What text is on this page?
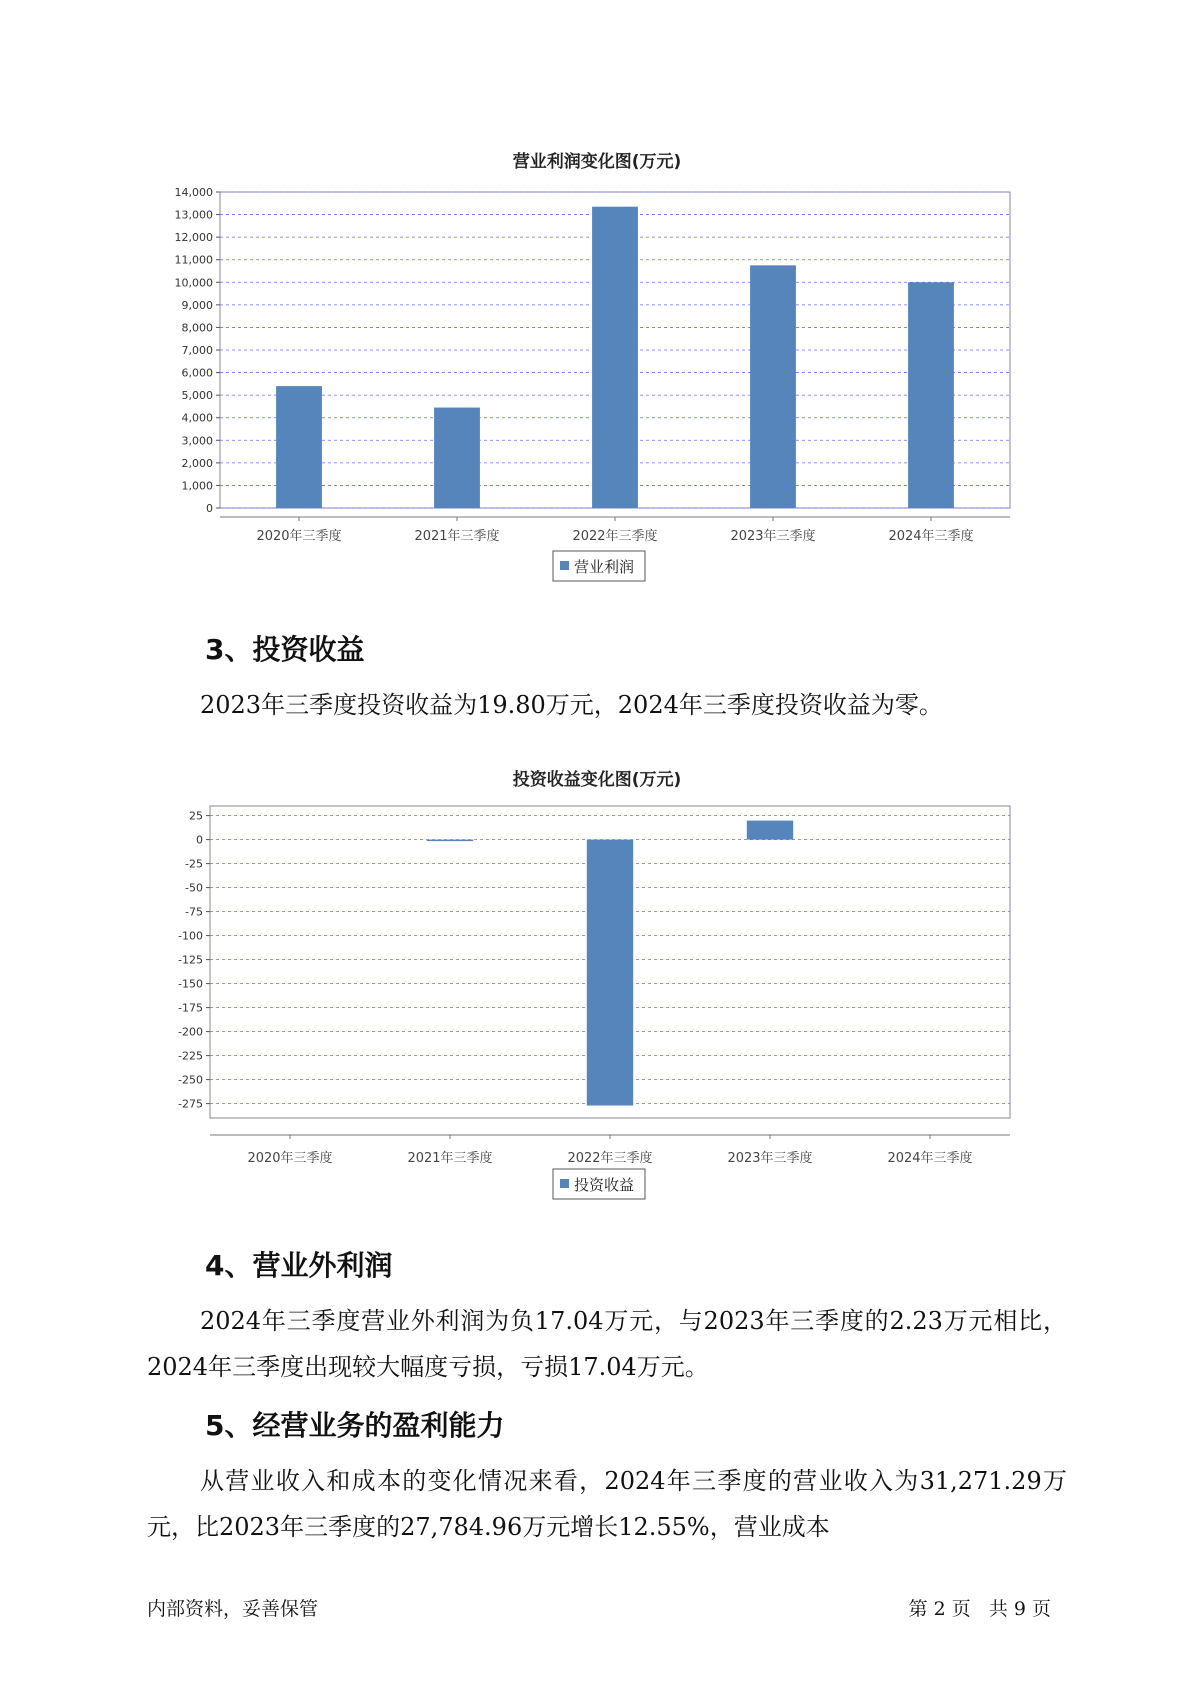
营业利润变化图(万元)
0
1,000
2,000
3,000
4,000
5,000
6,000
7,000
8,000
9,000
10,000
11,000
12,000
13,000
14,000
2020年三季度	2021年三季度	2022年三季度	2023年三季度	2024年三季度
营业利润
3、投资收益

2023年三季度投资收益为19.80万元，2024年三季度投资收益为零。

投资收益变化图(万元)
25
0
-25
-50
-75
-100
-125
-150
-175
-200
-225
-250
-275
2020年三季度	2021年三季度	2022年三季度	2023年三季度	2024年三季度
投资收益
4、营业外利润

2024年三季度营业外利润为负17.04万元，与2023年三季度的2.23万元相比，2024年三季度出现较大幅度亏损，亏损17.04万元。

5、经营业务的盈利能力

从营业收入和成本的变化情况来看，2024年三季度的营业收入为31,271.29万元，比2023年三季度的27,784.96万元增长12.55%，营业成本

内部资料，妥善保管	第 2 页   共 9 页
